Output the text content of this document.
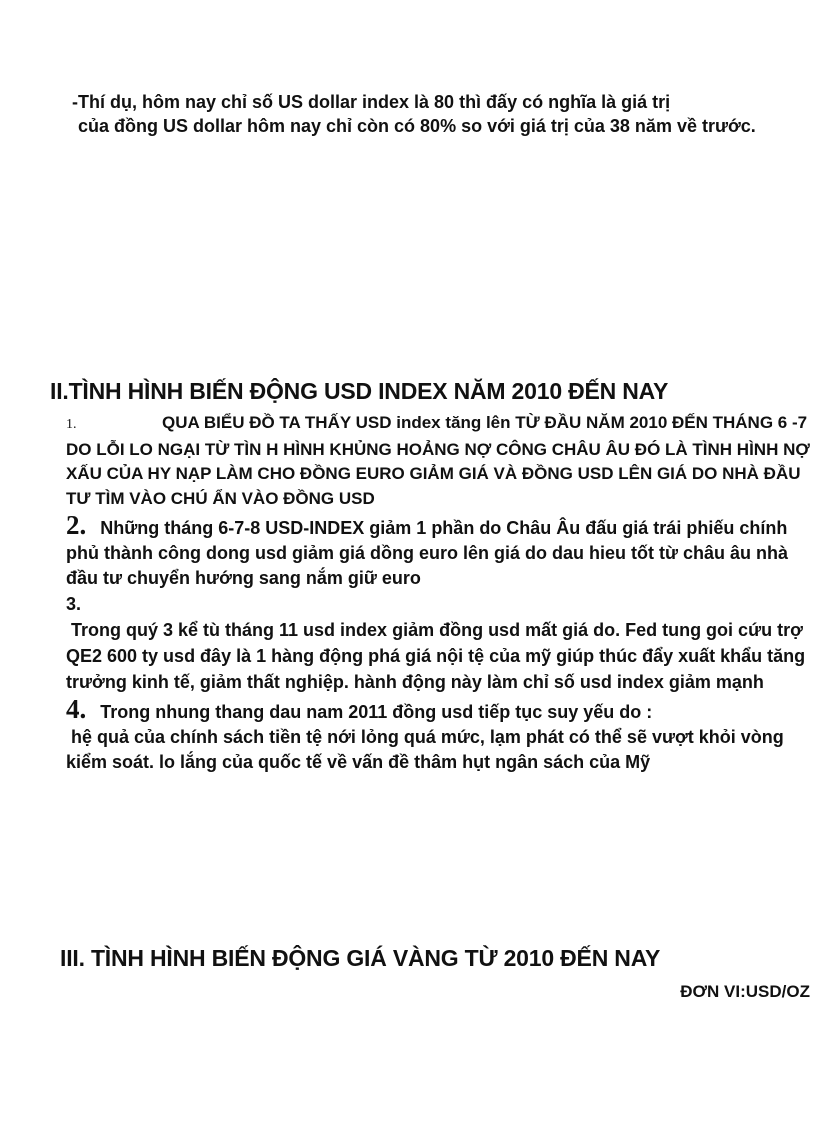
-Thí dụ, hôm nay chỉ số US dollar index là 80 thì đấy có nghĩa là giá trị
của đồng US dollar hôm nay chỉ còn có 80% so với giá trị của 38 năm về trước.
II.TÌNH HÌNH BIẾN ĐỘNG USD INDEX NĂM 2010 ĐẾN NAY

1.	QUA BIỂU ĐỒ TA THẤY USD index tăng lên TỪ ĐẦU NĂM 2010 ĐẾN THÁNG 6 -7 DO LỖI LO NGẠI TỪ TÌN H HÌNH KHỦNG HOẢNG NỢ CÔNG CHÂU ÂU ĐÓ LÀ TÌNH HÌNH NỢ XẤU CỦA HY NẠP LÀM CHO ĐỒNG EURO GIẢM GIÁ VÀ ĐỒNG USD LÊN GIÁ DO NHÀ ĐẦU TƯ TÌM VÀO CHÚ ẨN VÀO ĐỒNG USD

2. Những tháng 6-7-8 USD-INDEX giảm 1 phần do Châu Âu đấu giá trái phiếu chính phủ thành công dong usd giảm giá dồng euro lên giá do dau hieu tốt từ châu âu nhà đầu tư chuyển hướng sang nắm giữ euro

3.
Trong quý 3 kể tù tháng 11 usd index giảm đồng usd mất giá do. Fed tung goi cứu trợ QE2 600 ty usd đây là 1 hàng động phá giá nội tệ của mỹ giúp thúc đẩy xuất khẩu tăng trưởng kinh tế, giảm thất nghiệp. hành động này làm chỉ số usd index giảm mạnh

4. Trong nhung thang dau nam 2011 đồng usd tiếp tục suy yếu do :
hệ quả của chính sách tiền tệ nới lỏng quá mức, lạm phát có thể sẽ vượt khỏi vòng kiểm soát. lo lắng của quốc tế về vấn đề thâm hụt ngân sách của Mỹ

III. TÌNH HÌNH BIẾN ĐỘNG GIÁ VÀNG TỪ 2010 ĐẾN NAY
ĐƠN VI:USD/OZ
